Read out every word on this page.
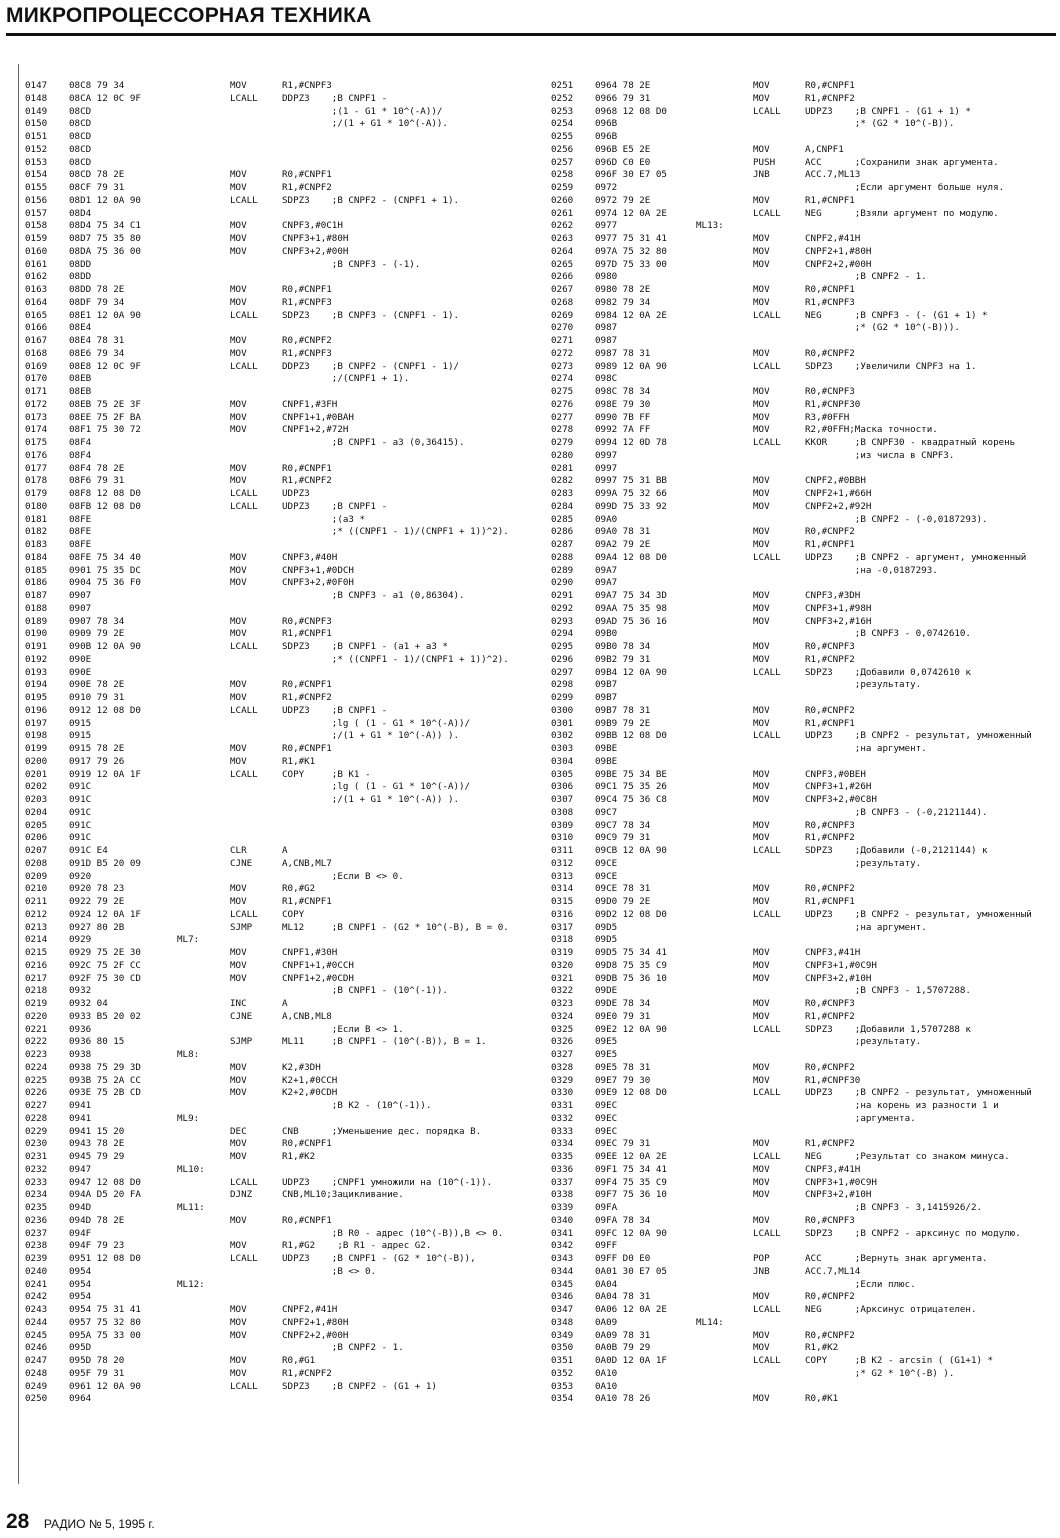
МИКРОПРОЦЕССОРНАЯ ТЕХНИКА
0147 08C8 79 34	MOV	R1,#CNPF3
0148 08CA 12 0C 9F	LCALL	DDPZ3    ;B CNPF1 -
0149 08CD	;(1 - G1 * 10^(-A))/
0150 08CD	;/(1 + G1 * 10^(-A)).
0151 08CD
0152 08CD
0153 08CD
0154 08CD 78 2E	MOV	R0,#CNPF1
0155 08CF 79 31	MOV	R1,#CNPF2
0156 08D1 12 0A 90	LCALL	SDPZ3    ;B CNPF2 - (CNPF1 + 1).
0157 08D4
0158 08D4 75 34 C1	MOV	CNPF3,#0C1H
0159 08D7 75 35 80	MOV	CNPF3+1,#80H
0160 08DA 75 36 00	MOV	CNPF3+2,#00H
0161 08DD	;B CNPF3 - (-1).
0162 08DD
0163 08DD 78 2E	MOV	R0,#CNPF1
0164 08DF 79 34	MOV	R1,#CNPF3
0165 08E1 12 0A 90	LCALL	SDPZ3    ;B CNPF3 - (CNPF1 - 1).
0166 08E4
0167 08E4 78 31	MOV	R0,#CNPF2
0168 08E6 79 34	MOV	R1,#CNPF3
0169 08E8 12 0C 9F	LCALL	DDPZ3    ;B CNPF2 - (CNPF1 - 1)/
0170 08EB	;/(CNPF1 + 1).
0171 08EB
0172 08EB 75 2E 3F	MOV	CNPF1,#3FH
0173 08EE 75 2F BA	MOV	CNPF1+1,#0BAH
0174 08F1 75 30 72	MOV	CNPF1+2,#72H
0175 08F4	;B CNPF1 - a3 (0,36415).
0176 08F4
0177 08F4 78 2E	MOV	R0,#CNPF1
0178 08F6 79 31	MOV	R1,#CNPF2
0179 08F8 12 08 D0	LCALL	UDPZ3
0180 08FB 12 08 D0	LCALL	UDPZ3    ;B CNPF1 -
0181 08FE	;(a3 *
0182 08FE	;* ((CNPF1 - 1)/(CNPF1 + 1))^2).
0183 08FE
0184 08FE 75 34 40	MOV	CNPF3,#40H
0185 0901 75 35 DC	MOV	CNPF3+1,#0DCH
0186 0904 75 36 F0	MOV	CNPF3+2,#0F0H
0187 0907	;B CNPF3 - a1 (0,86304).
0188 0907
0189 0907 78 34	MOV	R0,#CNPF3
0190 0909 79 2E	MOV	R1,#CNPF1
0191 090B 12 0A 90	LCALL	SDPZ3    ;B CNPF1 - (a1 + a3 *
0192 090E	;* ((CNPF1 - 1)/(CNPF1 + 1))^2).
0193 090E
0194 090E 78 2E	MOV	R0,#CNPF1
0195 0910 79 31	MOV	R1,#CNPF2
0196 0912 12 08 D0	LCALL	UDPZ3    ;B CNPF1 -
0197 0915	;lg ( (1 - G1 * 10^(-A))/
0198 0915	;/(1 + G1 * 10^(-A)) ).
0199 0915 78 2E	MOV	R0,#CNPF1
0200 0917 79 26	MOV	R1,#K1
0201 0919 12 0A 1F	LCALL	COPY     ;B K1 -
0202 091C	;lg ( (1 - G1 * 10^(-A))/
0203 091C	;/(1 + G1 * 10^(-A)) ).
0204 091C
0205 091C
0206 091C
0207 091C E4	CLR	A
0208 091D B5 20 09	CJNE	A,CNB,ML7
0209 0920	;Если B <> 0.
0210 0920 78 23	MOV	R0,#G2
0211 0922 79 2E	MOV	R1,#CNPF1
0212 0924 12 0A 1F	LCALL	COPY
0213 0927 80 2B	SJMP	ML12     ;B CNPF1 - (G2 * 10^(-B), B = 0.
0214 0929	ML7:
0215 0929 75 2E 30	MOV	CNPF1,#30H
0216 092C 75 2F CC	MOV	CNPF1+1,#0CCH
0217 092F 75 30 CD	MOV	CNPF1+2,#0CDH
0218 0932	;B CNPF1 - (10^(-1)).
0219 0932 04	INC	A
0220 0933 B5 20 02	CJNE	A,CNB,ML8
0221 0936	;Если B <> 1.
0222 0936 80 15	SJMP	ML11     ;B CNPF1 - (10^(-B)), B = 1.
0223 0938	ML8:
0224 0938 75 29 3D	MOV	K2,#3DH
0225 093B 75 2A CC	MOV	K2+1,#0CCH
0226 093E 75 2B CD	MOV	K2+2,#0CDH
0227 0941	;B K2 - (10^(-1)).
0228 0941	ML9:
0229 0941 15 20	DEC	CNB      ;Уменьшение дес. порядка B.
0230 0943 78 2E	MOV	R0,#CNPF1
0231 0945 79 29	MOV	R1,#K2
0232 0947	ML10:
0233 0947 12 08 D0	LCALL	UDPZ3    ;CNPF1 умножили на (10^(-1)).
0234 094A D5 20 FA	DJNZ	CNB,ML10;Зацикливание.
0235 094D	ML11:
0236 094D 78 2E	MOV	R0,#CNPF1
0237 094F	;B R0 - адрес (10^(-B)),B <> 0.
0238 094F 79 23	MOV	R1,#G2    ;B R1 - адрес G2.
0239 0951 12 08 D0	LCALL	UDPZ3    ;B CNPF1 - (G2 * 10^(-B)),
0240 0954	;B <> 0.
0241 0954	ML12:
0242 0954
0243 0954 75 31 41	MOV	CNPF2,#41H
0244 0957 75 32 80	MOV	CNPF2+1,#80H
0245 095A 75 33 00	MOV	CNPF2+2,#00H
0246 095D	;B CNPF2 - 1.
0247 095D 78 20	MOV	R0,#G1
0248 095F 79 31	MOV	R1,#CNPF2
0249 0961 12 0A 90	LCALL	SDPZ3    ;B CNPF2 - (G1 + 1)
0250 0964
0251 0964 78 2E	MOV	R0,#CNPF1
0252 0966 79 31	MOV	R1,#CNPF2
0253 0968 12 08 D0	LCALL	UDPZ3    ;B CNPF1 - (G1 + 1) *
0254 096B	;* (G2 * 10^(-B)).
0255 096B
0256 096B E5 2E	MOV	A,CNPF1
0257 096D C0 E0	PUSH	ACC      ;Сохранили знак аргумента.
0258 096F 30 E7 05	JNB	ACC.7,ML13
0259 0972	;Если аргумент больше нуля.
0260 0972 79 2E	MOV	R1,#CNPF1
0261 0974 12 0A 2E	LCALL	NEG      ;Взяли аргумент по модулю.
0262 0977	ML13:
0263 0977 75 31 41	MOV	CNPF2,#41H
0264 097A 75 32 80	MOV	CNPF2+1,#80H
0265 097D 75 33 00	MOV	CNPF2+2,#00H
0266 0980	;B CNPF2 - 1.
0267 0980 78 2E	MOV	R0,#CNPF1
0268 0982 79 34	MOV	R1,#CNPF3
0269 0984 12 0A 2E	LCALL	NEG      ;B CNPF3 - (- (G1 + 1) *
0270 0987	;* (G2 * 10^(-B))).
0271 0987
0272 0987 78 31	MOV	R0,#CNPF2
0273 0989 12 0A 90	LCALL	SDPZ3    ;Увеличили CNPF3 на 1.
0274 098C
0275 098C 78 34	MOV	R0,#CNPF3
0276 098E 79 30	MOV	R1,#CNPF30
0277 0990 7B FF	MOV	R3,#0FFH
0278 0992 7A FF	MOV	R2,#0FFH;Маска точности.
0279 0994 12 0D 78	LCALL	KKOR     ;B CNPF30 - квадратный корень
0280 0997	;из числа в CNPF3.
0281 0997
0282 0997 75 31 BB	MOV	CNPF2,#0BBH
0283 099A 75 32 66	MOV	CNPF2+1,#66H
0284 099D 75 33 92	MOV	CNPF2+2,#92H
0285 09A0	;B CNPF2 - (-0,0187293).
0286 09A0 78 31	MOV	R0,#CNPF2
0287 09A2 79 2E	MOV	R1,#CNPF1
0288 09A4 12 08 D0	LCALL	UDPZ3    ;B CNPF2 - аргумент, умноженный
0289 09A7	;на -0,0187293.
0290 09A7
0291 09A7 75 34 3D	MOV	CNPF3,#3DH
0292 09AA 75 35 98	MOV	CNPF3+1,#98H
0293 09AD 75 36 16	MOV	CNPF3+2,#16H
0294 09B0	;B CNPF3 - 0,0742610.
0295 09B0 78 34	MOV	R0,#CNPF3
0296 09B2 79 31	MOV	R1,#CNPF2
0297 09B4 12 0A 90	LCALL	SDPZ3    ;Добавили 0,0742610 к
0298 09B7	;результату.
0299 09B7
0300 09B7 78 31	MOV	R0,#CNPF2
0301 09B9 79 2E	MOV	R1,#CNPF1
0302 09BB 12 08 D0	LCALL	UDPZ3    ;B CNPF2 - результат, умноженный
0303 09BE	;на аргумент.
0304 09BE
0305 09BE 75 34 BE	MOV	CNPF3,#0BEH
0306 09C1 75 35 26	MOV	CNPF3+1,#26H
0307 09C4 75 36 C8	MOV	CNPF3+2,#0C8H
0308 09C7	;B CNPF3 - (-0,2121144).
0309 09C7 78 34	MOV	R0,#CNPF3
0310 09C9 79 31	MOV	R1,#CNPF2
0311 09CB 12 0A 90	LCALL	SDPZ3    ;Добавили (-0,2121144) к
0312 09CE	;результату.
0313 09CE
0314 09CE 78 31	MOV	R0,#CNPF2
0315 09D0 79 2E	MOV	R1,#CNPF1
0316 09D2 12 08 D0	LCALL	UDPZ3    ;B CNPF2 - результат, умноженный
0317 09D5	;на аргумент.
0318 09D5
0319 09D5 75 34 41	MOV	CNPF3,#41H
0320 09D8 75 35 C9	MOV	CNPF3+1,#0C9H
0321 09DB 75 36 10	MOV	CNPF3+2,#10H
0322 09DE	;B CNPF3 - 1,5707288.
0323 09DE 78 34	MOV	R0,#CNPF3
0324 09E0 79 31	MOV	R1,#CNPF2
0325 09E2 12 0A 90	LCALL	SDPZ3    ;Добавили 1,5707288 к
0326 09E5	;результату.
0327 09E5
0328 09E5 78 31	MOV	R0,#CNPF2
0329 09E7 79 30	MOV	R1,#CNPF30
0330 09E9 12 08 D0	LCALL	UDPZ3    ;B CNPF2 - результат, умноженный
0331 09EC	;на корень из разности 1 и
0332 09EC	;аргумента.
0333 09EC
0334 09EC 79 31	MOV	R1,#CNPF2
0335 09EE 12 0A 2E	LCALL	NEG      ;Результат со знаком минуса.
0336 09F1 75 34 41	MOV	CNPF3,#41H
0337 09F4 75 35 C9	MOV	CNPF3+1,#0C9H
0338 09F7 75 36 10	MOV	CNPF3+2,#10H
0339 09FA	;B CNPF3 - 3,1415926/2.
0340 09FA 78 34	MOV	R0,#CNPF3
0341 09FC 12 0A 90	LCALL	SDPZ3    ;B CNPF2 - арксинус по модулю.
0342 09FF
0343 09FF D0 E0	POP	ACC      ;Вернуть знак аргумента.
0344 0A01 30 E7 05	JNB	ACC.7,ML14
0345 0A04	;Если плюс.
0346 0A04 78 31	MOV	R0,#CNPF2
0347 0A06 12 0A 2E	LCALL	NEG      ;Арксинус отрицателен.
0348 0A09	ML14:
0349 0A09 78 31	MOV	R0,#CNPF2
0350 0A0B 79 29	MOV	R1,#K2
0351 0A0D 12 0A 1F	LCALL	COPY     ;B K2 - arcsin ( (G1+1) *
0352 0A10	;* G2 * 10^(-B) ).
0353 0A10
0354 0A10 78 26	MOV	R0,#K1
28 РАДИО № 5, 1995 г.
